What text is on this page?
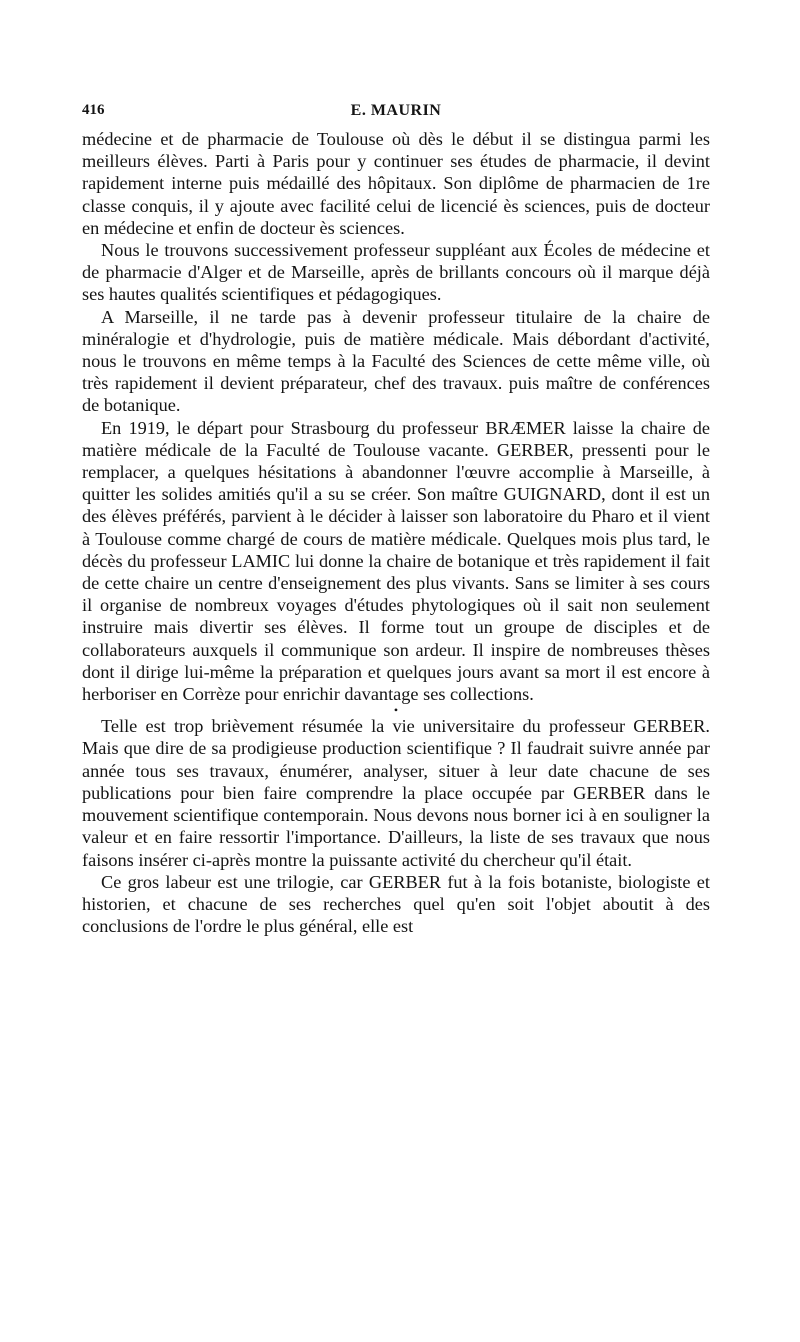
416	E. MAURIN

médecine et de pharmacie de Toulouse où dès le début il se distingua parmi les meilleurs élèves. Parti à Paris pour y continuer ses études de pharmacie, il devint rapidement interne puis médaillé des hôpitaux. Son diplôme de pharmacien de 1re classe conquis, il y ajoute avec facilité celui de licencié ès sciences, puis de docteur en médecine et enfin de docteur ès sciences.

Nous le trouvons successivement professeur suppléant aux Écoles de médecine et de pharmacie d'Alger et de Marseille, après de brillants concours où il marque déjà ses hautes qualités scientifiques et pédagogiques.

A Marseille, il ne tarde pas à devenir professeur titulaire de la chaire de minéralogie et d'hydrologie, puis de matière médicale. Mais débordant d'activité, nous le trouvons en même temps à la Faculté des Sciences de cette même ville, où très rapidement il devient préparateur, chef des travaux. puis maître de conférences de botanique.

En 1919, le départ pour Strasbourg du professeur BRÆMER laisse la chaire de matière médicale de la Faculté de Toulouse vacante. GERBER, pressenti pour le remplacer, a quelques hésitations à abandonner l'œuvre accomplie à Marseille, à quitter les solides amitiés qu'il a su se créer. Son maître GUIGNARD, dont il est un des élèves préférés, parvient à le décider à laisser son laboratoire du Pharo et il vient à Toulouse comme chargé de cours de matière médicale. Quelques mois plus tard, le décès du professeur LAMIC lui donne la chaire de botanique et très rapidement il fait de cette chaire un centre d'enseignement des plus vivants. Sans se limiter à ses cours il organise de nombreux voyages d'études phytologiques où il sait non seulement instruire mais divertir ses élèves. Il forme tout un groupe de disciples et de collaborateurs auxquels il communique son ardeur. Il inspire de nombreuses thèses dont il dirige lui-même la préparation et quelques jours avant sa mort il est encore à herboriser en Corrèze pour enrichir davantage ses collections.

•

Telle est trop brièvement résumée la vie universitaire du professeur GERBER. Mais que dire de sa prodigieuse production scientifique ? Il faudrait suivre année par année tous ses travaux, énumérer, analyser, situer à leur date chacune de ses publications pour bien faire comprendre la place occupée par GERBER dans le mouvement scientifique contemporain. Nous devons nous borner ici à en souligner la valeur et en faire ressortir l'importance. D'ailleurs, la liste de ses travaux que nous faisons insérer ci-après montre la puissante activité du chercheur qu'il était.

Ce gros labeur est une trilogie, car GERBER fut à la fois botaniste, biologiste et historien, et chacune de ses recherches quel qu'en soit l'objet aboutit à des conclusions de l'ordre le plus général, elle est
